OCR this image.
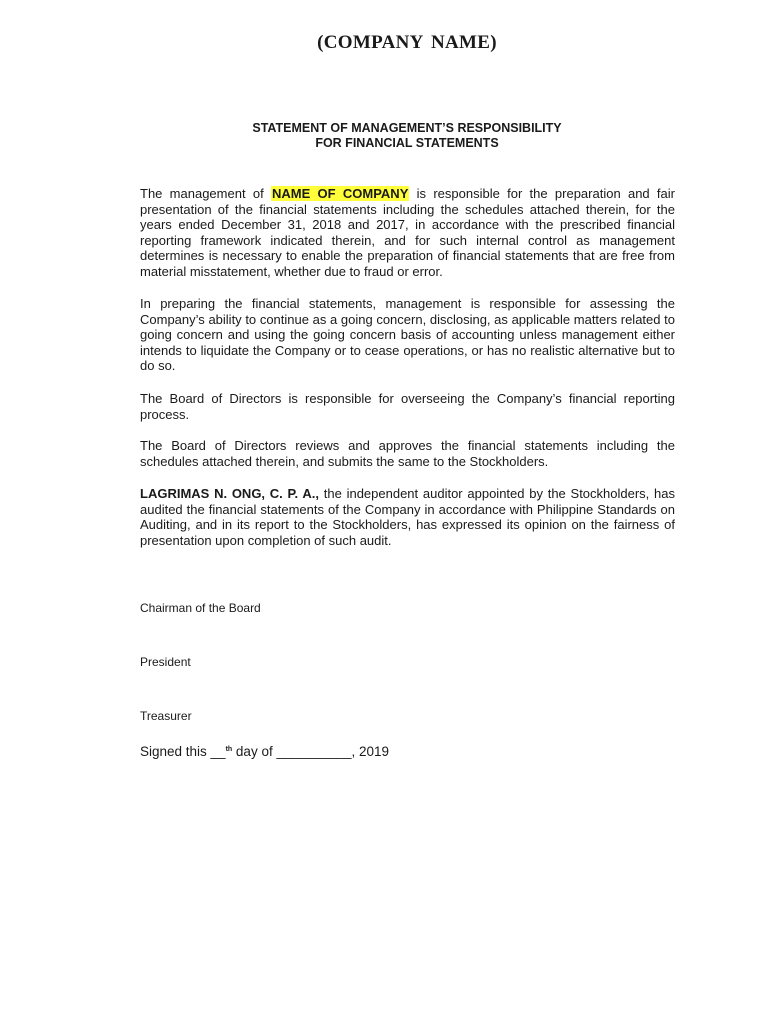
(COMPANY NAME)
STATEMENT OF MANAGEMENT’S RESPONSIBILITY
FOR FINANCIAL STATEMENTS

The management of NAME OF COMPANY is responsible for the preparation and fair presentation of the financial statements including the schedules attached therein, for the years ended December 31, 2018 and 2017, in accordance with the prescribed financial reporting framework indicated therein, and for such internal control as management determines is necessary to enable the preparation of financial statements that are free from material misstatement, whether due to fraud or error.

In preparing the financial statements, management is responsible for assessing the Company’s ability to continue as a going concern, disclosing, as applicable matters related to going concern and using the going concern basis of accounting unless management either intends to liquidate the Company or to cease operations, or has no realistic alternative but to do so.

The Board of Directors is responsible for overseeing the Company’s financial reporting process.

The Board of Directors reviews and approves the financial statements including the schedules attached therein, and submits the same to the Stockholders.

LAGRIMAS N. ONG, C. P. A., the independent auditor appointed by the Stockholders, has audited the financial statements of the Company in accordance with Philippine Standards on Auditing, and in its report to the Stockholders, has expressed its opinion on the fairness of presentation upon completion of such audit.

Chairman of the Board
President
Treasurer
Signed this __$^{th}$ day of __________, 2019
